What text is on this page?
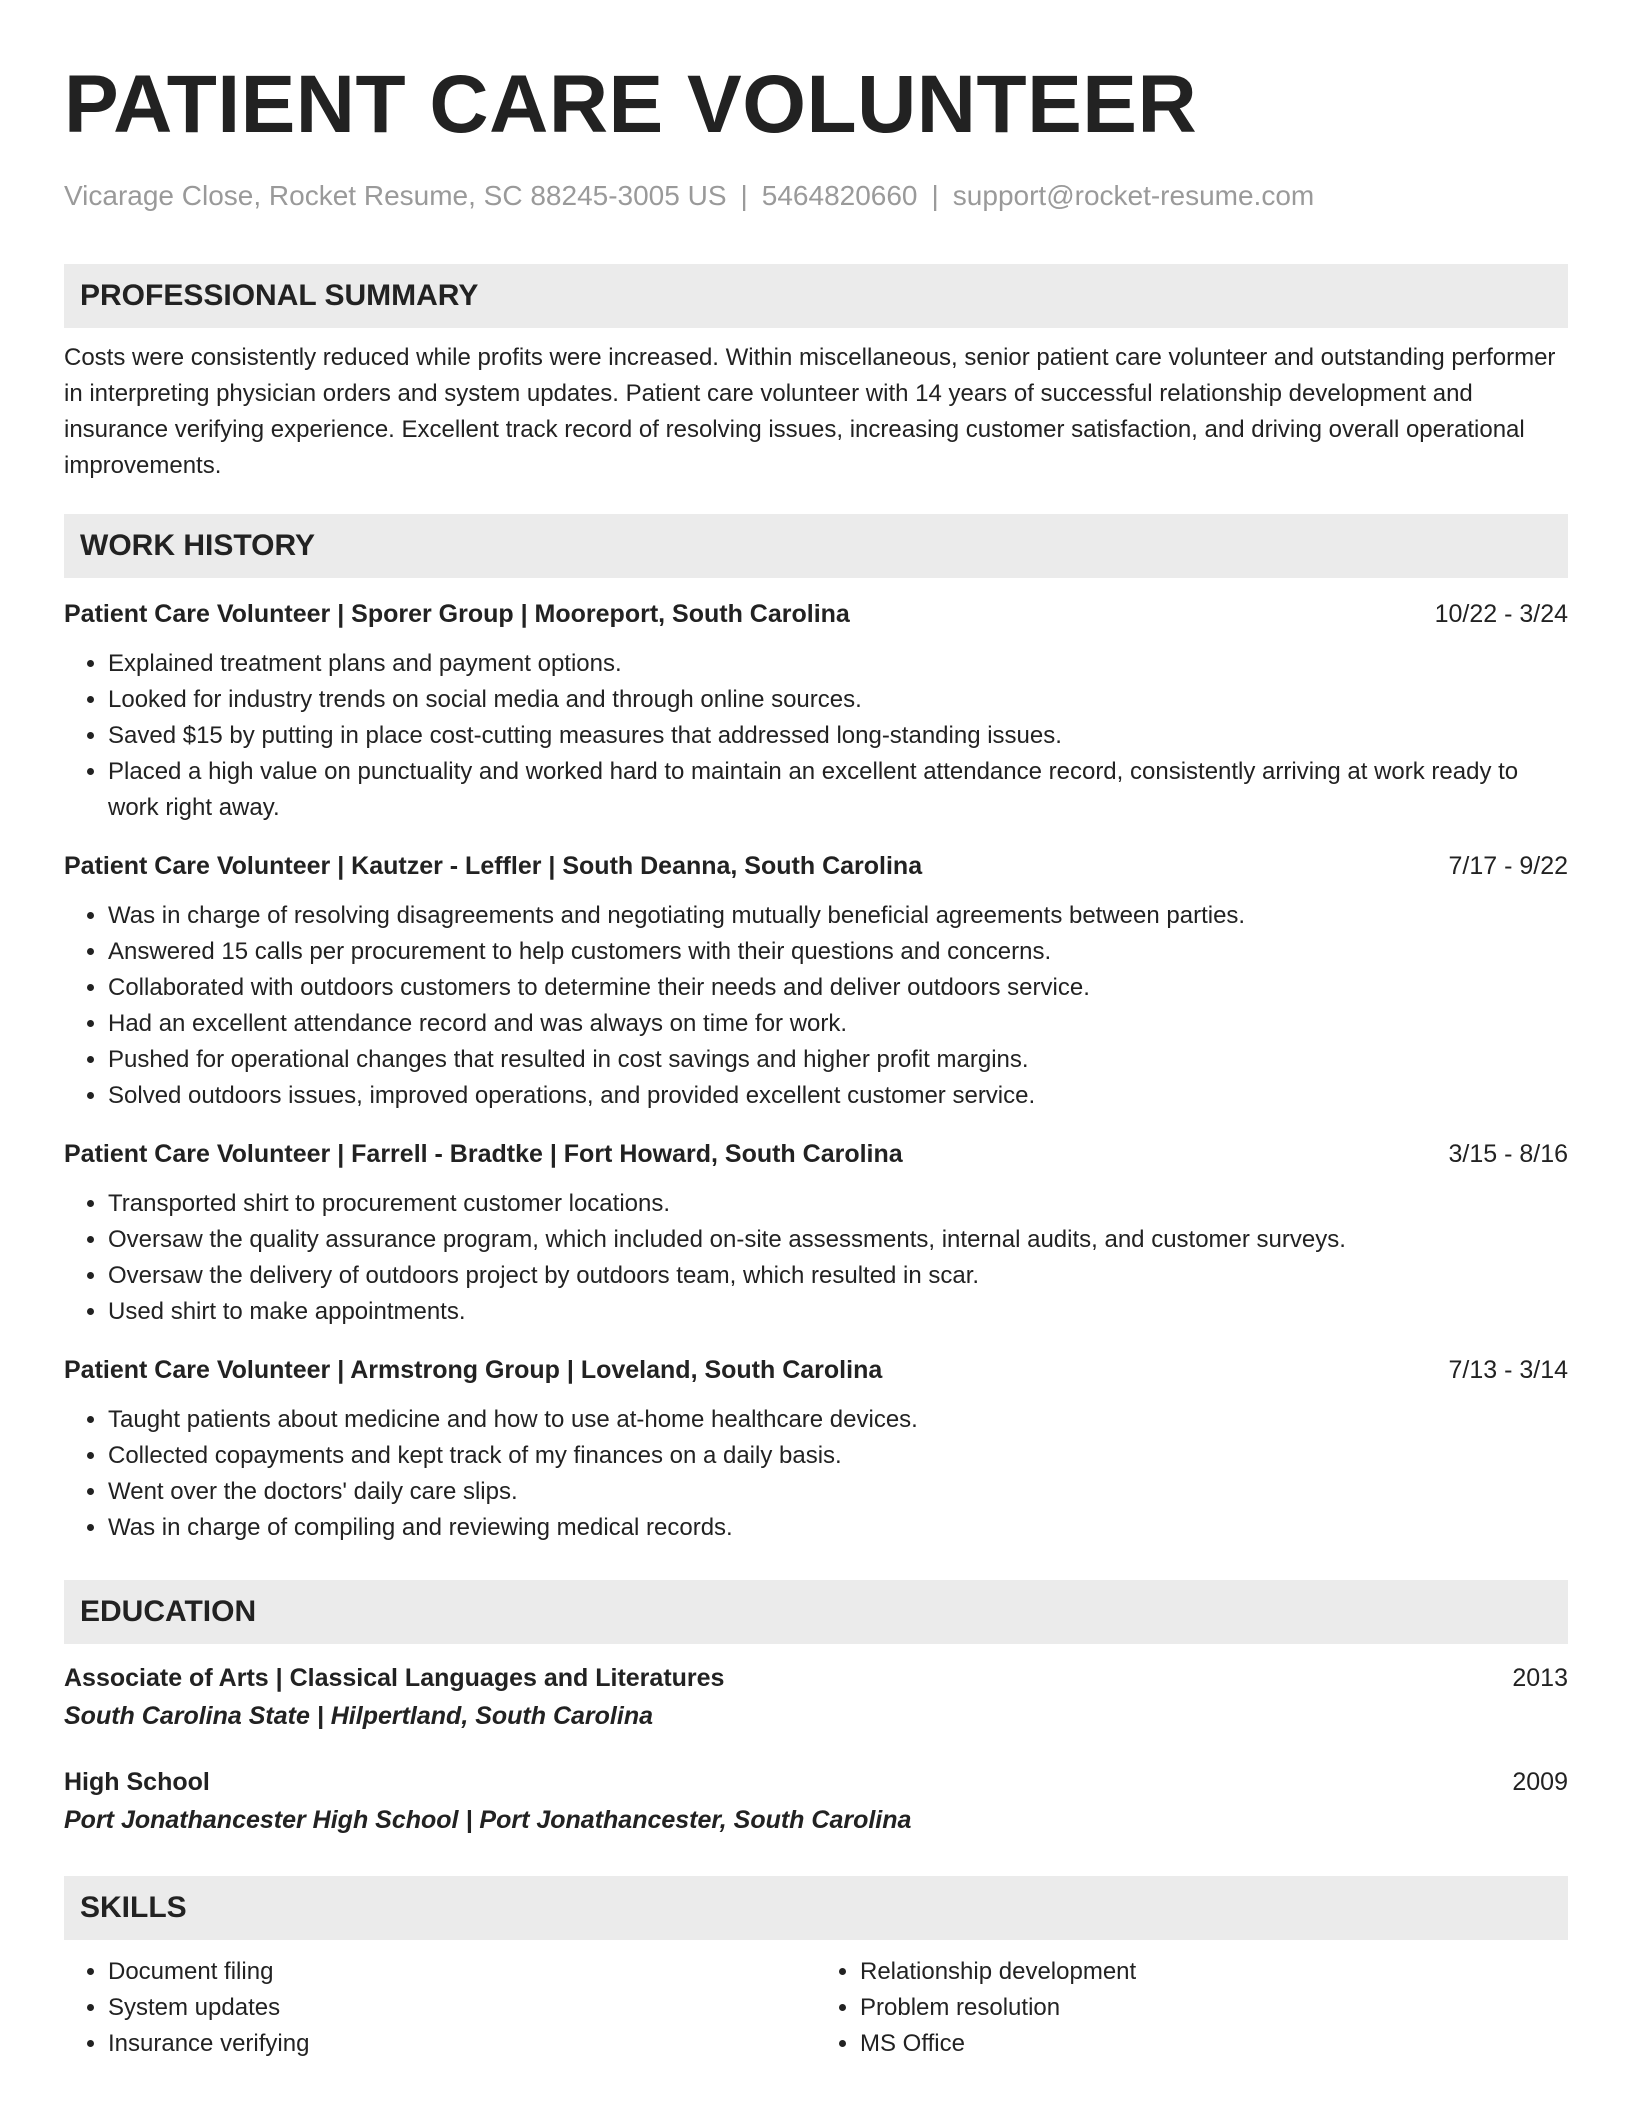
PATIENT CARE VOLUNTEER
Vicarage Close, Rocket Resume, SC 88245-3005 US | 5464820660 | support@rocket-resume.com
PROFESSIONAL SUMMARY
Costs were consistently reduced while profits were increased. Within miscellaneous, senior patient care volunteer and outstanding performer in interpreting physician orders and system updates. Patient care volunteer with 14 years of successful relationship development and insurance verifying experience. Excellent track record of resolving issues, increasing customer satisfaction, and driving overall operational improvements.
WORK HISTORY
Patient Care Volunteer | Sporer Group | Mooreport, South Carolina	10/22 - 3/24
• Explained treatment plans and payment options.
• Looked for industry trends on social media and through online sources.
• Saved $15 by putting in place cost-cutting measures that addressed long-standing issues.
• Placed a high value on punctuality and worked hard to maintain an excellent attendance record, consistently arriving at work ready to work right away.
Patient Care Volunteer | Kautzer - Leffler | South Deanna, South Carolina	7/17 - 9/22
• Was in charge of resolving disagreements and negotiating mutually beneficial agreements between parties.
• Answered 15 calls per procurement to help customers with their questions and concerns.
• Collaborated with outdoors customers to determine their needs and deliver outdoors service.
• Had an excellent attendance record and was always on time for work.
• Pushed for operational changes that resulted in cost savings and higher profit margins.
• Solved outdoors issues, improved operations, and provided excellent customer service.
Patient Care Volunteer | Farrell - Bradtke | Fort Howard, South Carolina	3/15 - 8/16
• Transported shirt to procurement customer locations.
• Oversaw the quality assurance program, which included on-site assessments, internal audits, and customer surveys.
• Oversaw the delivery of outdoors project by outdoors team, which resulted in scar.
• Used shirt to make appointments.
Patient Care Volunteer | Armstrong Group | Loveland, South Carolina	7/13 - 3/14
• Taught patients about medicine and how to use at-home healthcare devices.
• Collected copayments and kept track of my finances on a daily basis.
• Went over the doctors' daily care slips.
• Was in charge of compiling and reviewing medical records.
EDUCATION
Associate of Arts | Classical Languages and Literatures	2013
South Carolina State | Hilpertland, South Carolina
High School	2009
Port Jonathancester High School | Port Jonathancester, South Carolina
SKILLS
• Document filing
• System updates
• Insurance verifying
• Relationship development
• Problem resolution
• MS Office
